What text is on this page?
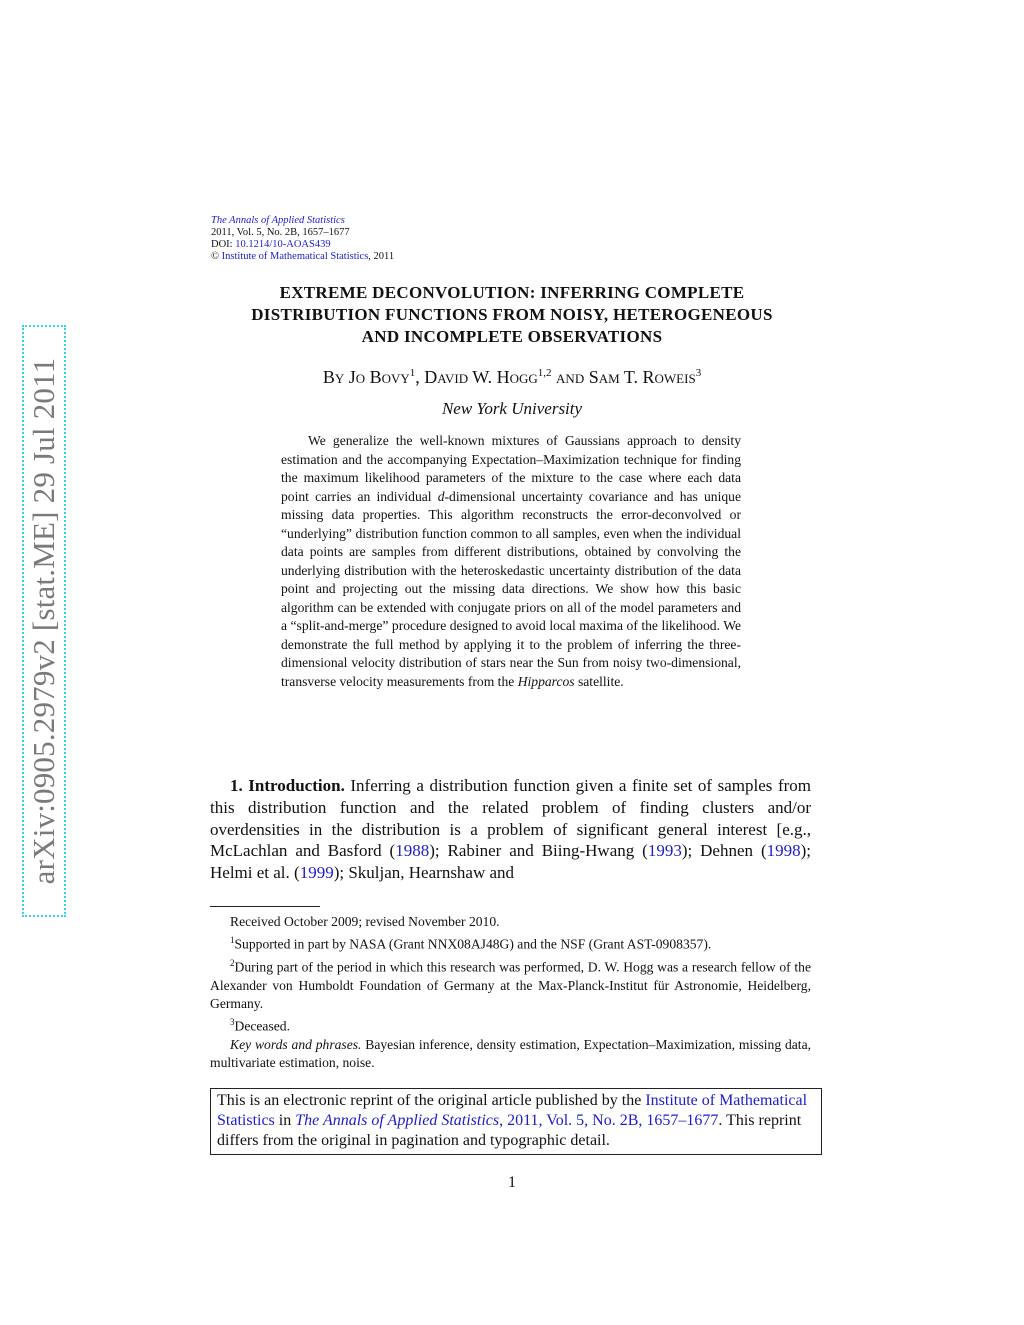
arXiv:0905.2979v2 [stat.ME] 29 Jul 2011
The Annals of Applied Statistics
2011, Vol. 5, No. 2B, 1657–1677
DOI: 10.1214/10-AOAS439
© Institute of Mathematical Statistics, 2011
EXTREME DECONVOLUTION: INFERRING COMPLETE
DISTRIBUTION FUNCTIONS FROM NOISY, HETEROGENEOUS
AND INCOMPLETE OBSERVATIONS
By Jo Bovy$^1$, David W. Hogg$^{1,2}$ and Sam T. Roweis$^3$
New York University

We generalize the well-known mixtures of Gaussians approach to density estimation and the accompanying Expectation–Maximization technique for finding the maximum likelihood parameters of the mixture to the case where each data point carries an individual d-dimensional uncertainty covariance and has unique missing data properties. This algorithm reconstructs the error-deconvolved or “underlying” distribution function common to all samples, even when the individual data points are samples from different distributions, obtained by convolving the underlying distribution with the heteroskedastic uncertainty distribution of the data point and projecting out the missing data directions. We show how this basic algorithm can be extended with conjugate priors on all of the model parameters and a “split-and-merge” procedure designed to avoid local maxima of the likelihood. We demonstrate the full method by applying it to the problem of inferring the three-dimensional velocity distribution of stars near the Sun from noisy two-dimensional, transverse velocity measurements from the Hipparcos satellite.

1. Introduction. Inferring a distribution function given a finite set of samples from this distribution function and the related problem of finding clusters and/or overdensities in the distribution is a problem of significant general interest [e.g., McLachlan and Basford (1988); Rabiner and Biing-Hwang (1993); Dehnen (1998); Helmi et al. (1999); Skuljan, Hearnshaw and

Received October 2009; revised November 2010.

$^1$Supported in part by NASA (Grant NNX08AJ48G) and the NSF (Grant AST-0908357).

$^2$During part of the period in which this research was performed, D. W. Hogg was a research fellow of the Alexander von Humboldt Foundation of Germany at the Max-Planck-Institut für Astronomie, Heidelberg, Germany.

$^3$Deceased.

Key words and phrases. Bayesian inference, density estimation, Expectation–Maximization, missing data, multivariate estimation, noise.

This is an electronic reprint of the original article published by the Institute of Mathematical Statistics in The Annals of Applied Statistics, 2011, Vol. 5, No. 2B, 1657–1677. This reprint differs from the original in pagination and typographic detail.
1
